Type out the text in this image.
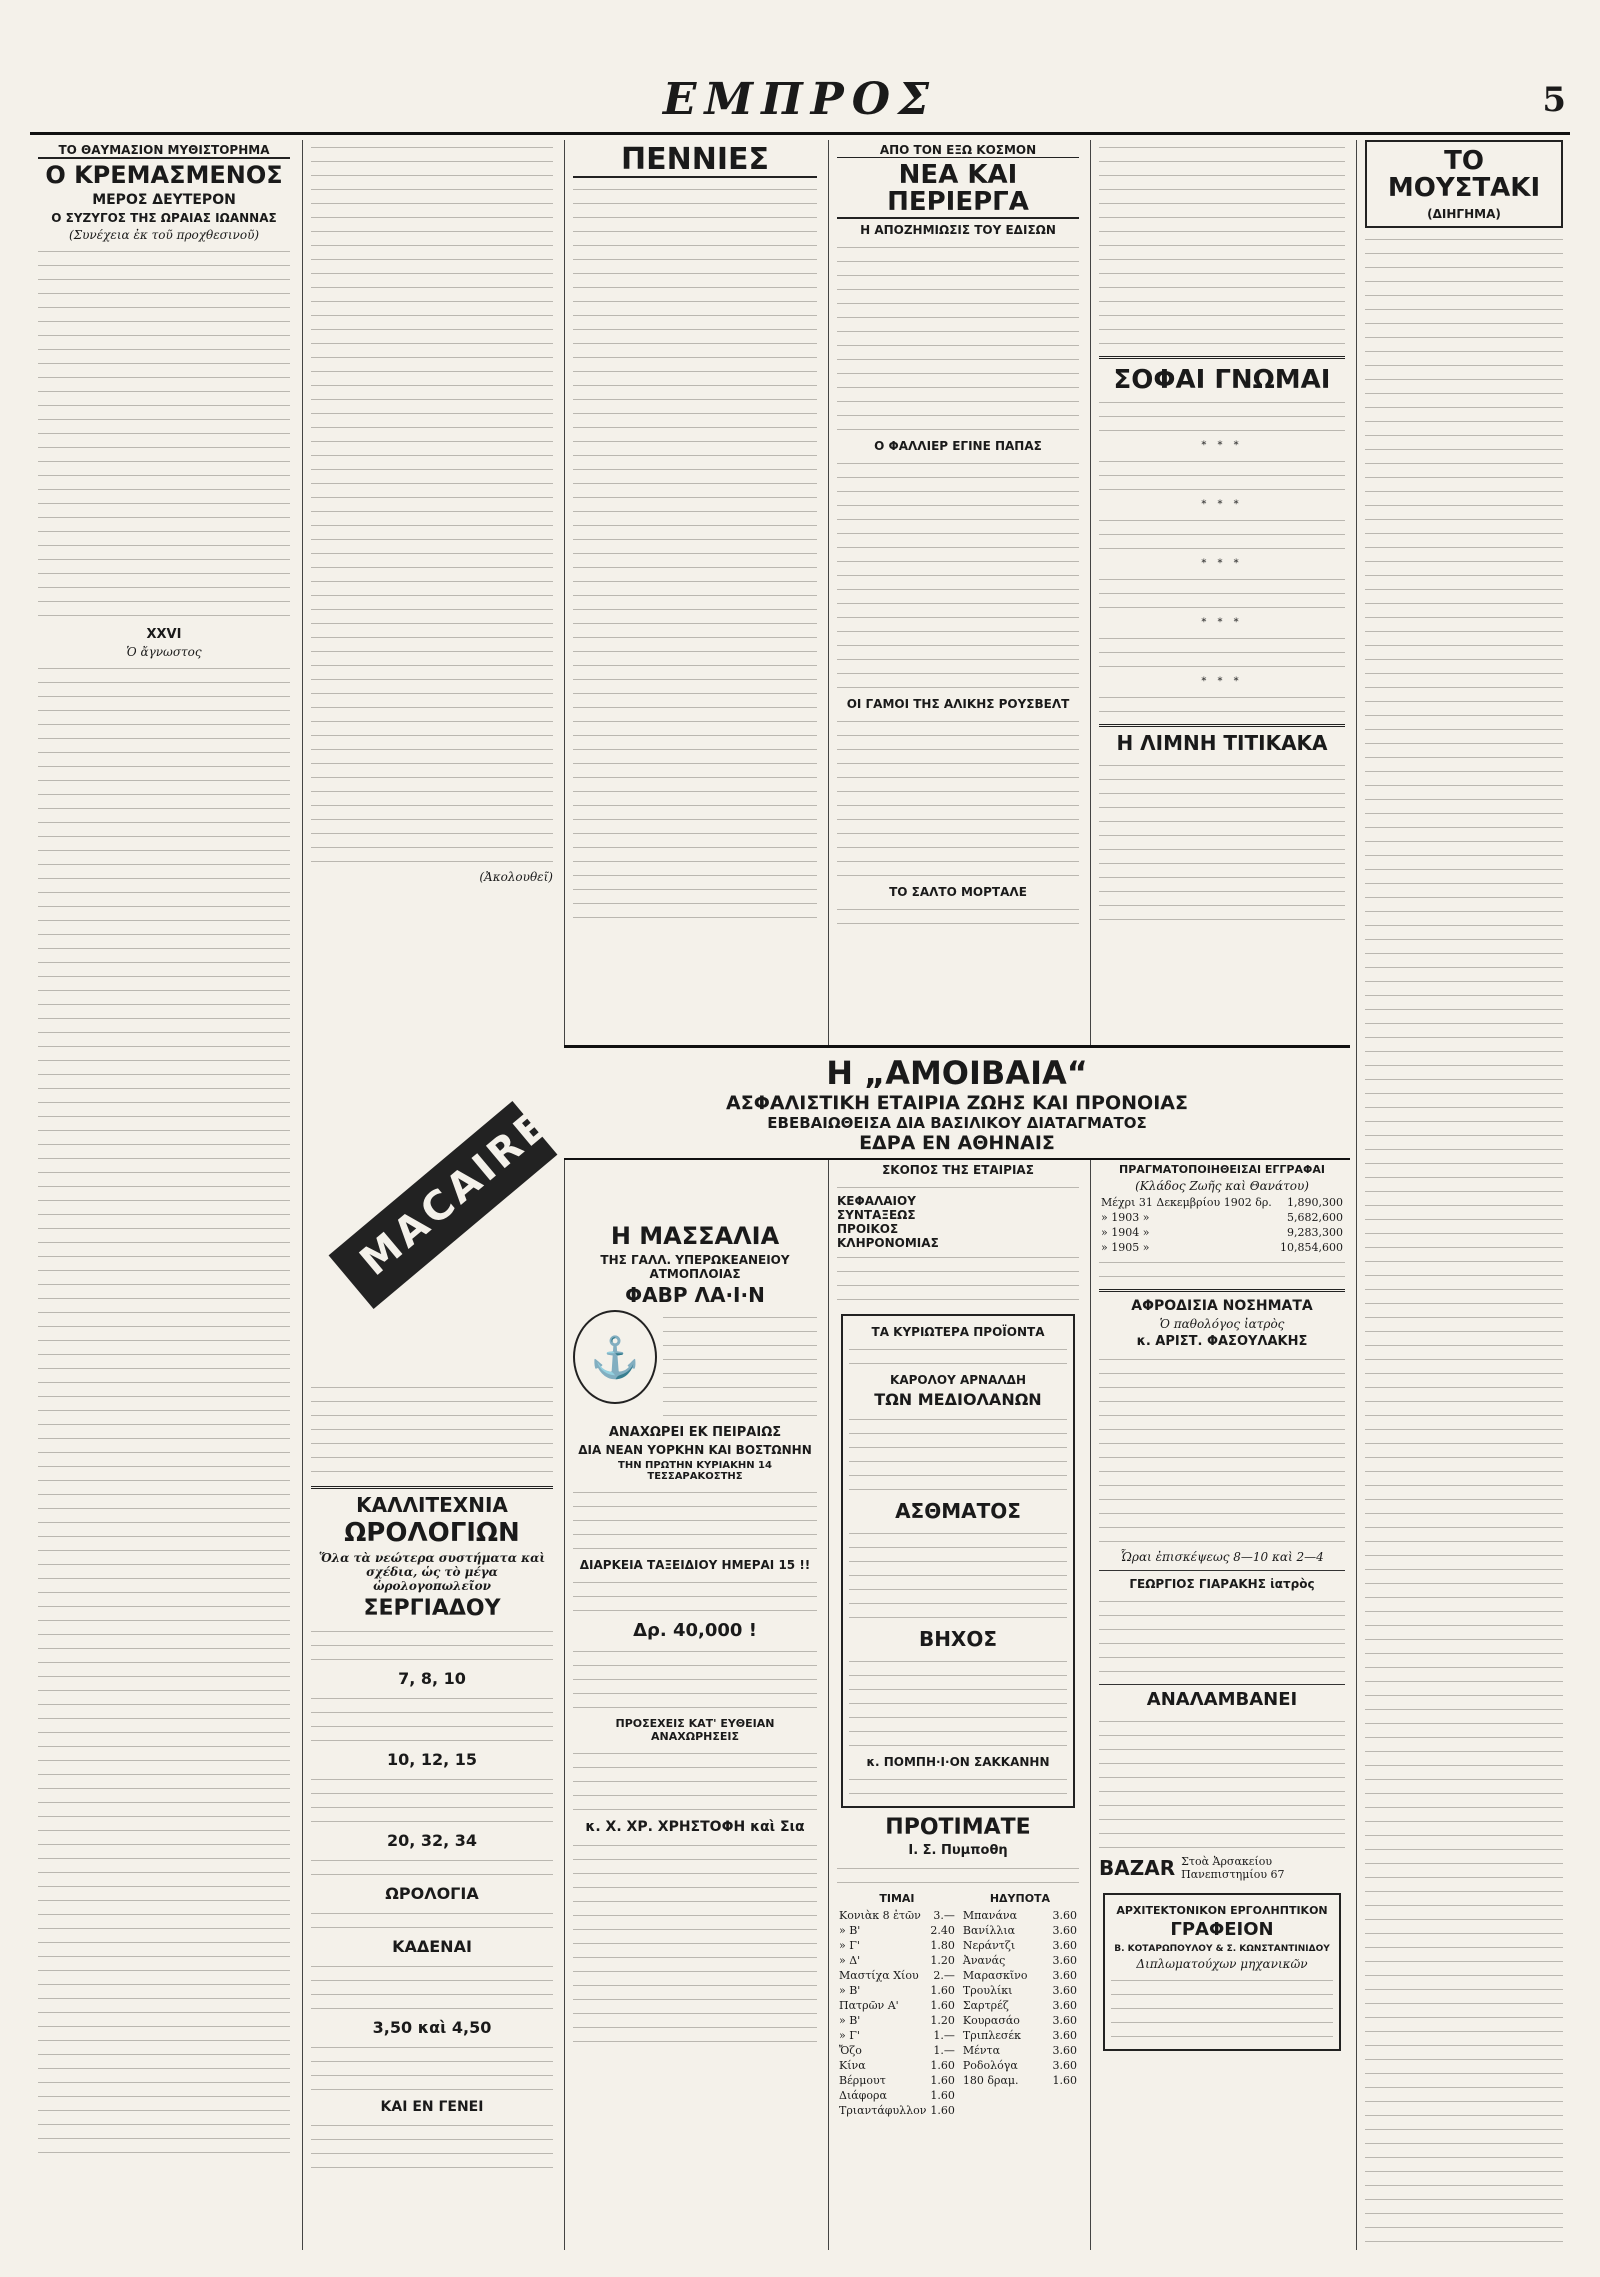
ΕΜΠΡΟΣ	5
ΤΟ ΘΑΥΜΑΣΙΟΝ ΜΥΘΙΣΤΟΡΗΜΑ
Ο ΚΡΕΜΑΣΜΕΝΟΣ
ΜΕΡΟΣ ΔΕΥΤΕΡΟΝ
Ο ΣΥΖΥΓΟΣ ΤΗΣ ΩΡΑΙΑΣ ΙΩΑΝΝΑΣ
(Συνέχεια ἐκ τοῦ προχθεσινοῦ)
XXVI
Ὁ ἄγνωστος
(Ἀκολουθεῖ)
MACAIRE
ΚΑΛΛΙΤΕΧΝΙΑ
ΩΡΟΛΟΓΙΩΝ
Ὅλα τὰ νεώτερα συστήματα καὶ σχέδια, ὡς τὸ μέγα ὡρολογοπωλεῖον
ΣΕΡΓΙΑΔΟΥ
7, 8, 10
10, 12, 15
20, 32, 34
ΩΡΟΛΟΓΙΑ
ΚΑΔΕΝΑΙ
3,50 καὶ 4,50
ΚΑΙ ΕΝ ΓΕΝΕΙ
ΠΕΝΝΙΕΣ
Η ΜΑΣΣΑΛΙΑ
ΤΗΣ ΓΑΛΛ. ΥΠΕΡΩΚΕΑΝΕΙΟΥ ΑΤΜΟΠΛΟΙΑΣ
ΦΑΒΡ ΛΑ·Ι·Ν
⚓
ΑΝΑΧΩΡΕΙ ΕΚ ΠΕΙΡΑΙΩΣ
ΔΙΑ ΝΕΑΝ ΥΟΡΚΗΝ ΚΑΙ ΒΟΣΤΩΝΗΝ
ΤΗΝ ΠΡΩΤΗΝ ΚΥΡΙΑΚΗΝ 14 ΤΕΣΣΑΡΑΚΟΣΤΗΣ
ΔΙΑΡΚΕΙΑ ΤΑΞΕΙΔΙΟΥ ΗΜΕΡΑΙ 15 !!
Δρ. 40,000 !
ΠΡΟΣΕΧΕΙΣ ΚΑΤ' ΕΥΘΕΙΑΝ ΑΝΑΧΩΡΗΣΕΙΣ
κ. Χ. ΧΡ. ΧΡΗΣΤΟΦΗ καὶ Σια
ΑΠΟ ΤΟΝ ΕΞΩ ΚΟΣΜΟΝ
ΝΕΑ ΚΑΙ ΠΕΡΙΕΡΓΑ
Η ΑΠΟΖΗΜΙΩΣΙΣ ΤΟΥ ΕΔΙΣΩΝ
Ο ΦΑΛΛΙΕΡ ΕΓΙΝΕ ΠΑΠΑΣ
ΟΙ ΓΑΜΟΙ ΤΗΣ ΑΛΙΚΗΣ ΡΟΥΣΒΕΛΤ
ΤΟ ΣΑΛΤΟ ΜΟΡΤΑΛΕ
ΣΚΟΠΟΣ ΤΗΣ ΕΤΑΙΡΙΑΣ
ΚΕΦΑΛΑΙΟΥ
ΣΥΝΤΑΞΕΩΣ
ΠΡΟΙΚΟΣ
ΚΛΗΡΟΝΟΜΙΑΣ
ΤΑ ΚΥΡΙΩΤΕΡΑ ΠΡΟΪΟΝΤΑ
ΚΑΡΟΛΟΥ ΑΡΝΑΛΔΗ
ΤΩΝ ΜΕΔΙΟΛΑΝΩΝ
ΑΣΘΜΑΤΟΣ
ΒΗΧΟΣ
κ. ΠΟΜΠΗ·Ι·ΟΝ ΣΑΚΚΑΝΗΝ
ΠΡΟΤΙΜΑΤΕ
Ι. Σ. Πυμποθη
ΤΙΜΑΙ
Κονιὰκ 8 ἐτῶν	3.—
» Β'	2.40
» Γ'	1.80
» Δ'	1.20
Μαστίχα Χίου	2.—
» Β'	1.60
Πατρῶν Α'	1.60
» Β'	1.20
» Γ'	1.—
Ὄζο	1.—
Κίνα	1.60
Βέρμουτ	1.60
Διάφορα	1.60
Τριαντάφυλλον	1.60
ΗΔΥΠΟΤΑ
Μπανάνα	3.60
Βανίλλια	3.60
Νεράντζι	3.60
Ἀνανάς	3.60
Μαρασκῖνο	3.60
Τρουλίκι	3.60
Σαρτρέζ	3.60
Κουρασάο	3.60
Τριπλεσέκ	3.60
Μέντα	3.60
Ροδολόγα	3.60
180 δραμ.	1.60
ΣΟΦΑΙ ΓΝΩΜΑΙ
* * *
* * *
* * *
* * *
* * *
Η ΛΙΜΝΗ ΤΙΤΙΚΑΚΑ
ΠΡΑΓΜΑΤΟΠΟΙΗΘΕΙΣΑΙ ΕΓΓΡΑΦΑΙ
(Κλάδος Ζωῆς καὶ Θανάτου)
Μέχρι 31 Δεκεμβρίου 1902 δρ.	1,890,300
» 1903 »	5,682,600
» 1904 »	9,283,300
» 1905 »	10,854,600
ΑΦΡΟΔΙΣΙΑ ΝΟΣΗΜΑΤΑ
Ὁ παθολόγος ἰατρὸς
κ. ΑΡΙΣΤ. ΦΑΣΟΥΛΑΚΗΣ
Ὧραι ἐπισκέψεως 8—10 καὶ 2—4
ΓΕΩΡΓΙΟΣ ΓΙΑΡΑΚΗΣ ἰατρὸς
ΑΝΑΛΑΜΒΑΝΕΙ
BAZAR Στοὰ Ἀρσακείου Πανεπιστημίου 67
ΑΡΧΙΤΕΚΤΟΝΙΚΟΝ ΕΡΓΟΛΗΠΤΙΚΟΝ
ΓΡΑΦΕΙΟΝ
Β. ΚΟΤΑΡΩΠΟΥΛΟΥ & Σ. ΚΩΝΣΤΑΝΤΙΝΙΔΟΥ
Διπλωματούχων μηχανικῶν
ΤΟ ΜΟΥΣΤΑΚΙ
(ΔΙΗΓΗΜΑ)
Η „ΑΜΟΙΒΑΙΑ“
ΑΣΦΑΛΙΣΤΙΚΗ ΕΤΑΙΡΙΑ ΖΩΗΣ ΚΑΙ ΠΡΟΝΟΙΑΣ
ΕΒΕΒΑΙΩΘΕΙΣΑ ΔΙΑ ΒΑΣΙΛΙΚΟΥ ΔΙΑΤΑΓΜΑΤΟΣ
ΕΔΡΑ ΕΝ ΑΘΗΝΑΙΣ
